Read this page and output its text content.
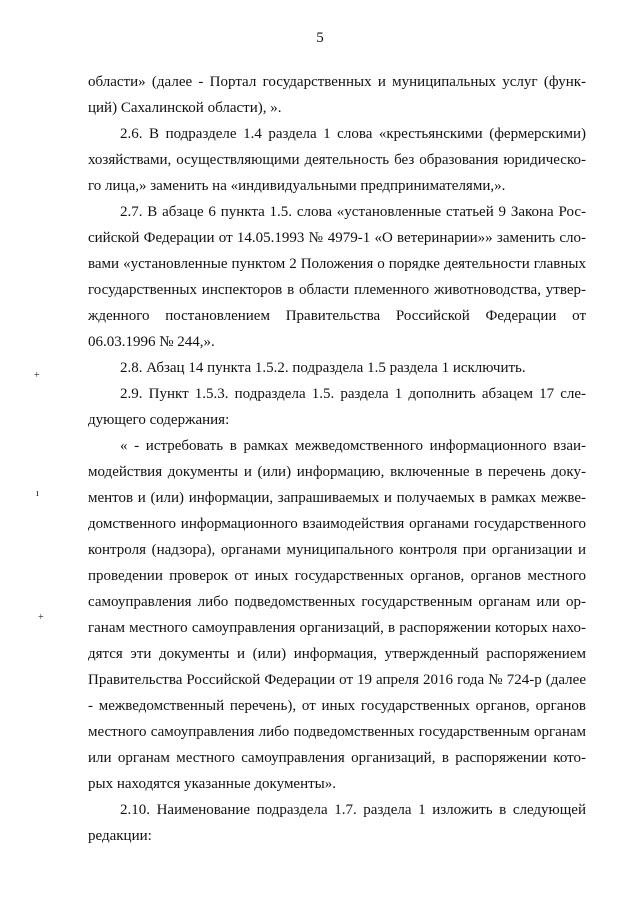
5
области» (далее - Портал государственных и муниципальных услуг (функ-
ций) Сахалинской области), ».
2.6. В подразделе 1.4 раздела 1 слова «крестьянскими (фермерскими)
хозяйствами, осуществляющими деятельность без образования юридическо-
го лица,» заменить на «индивидуальными предпринимателями,».
2.7. В абзаце 6 пункта 1.5. слова «установленные статьей 9 Закона Рос-
сийской Федерации от 14.05.1993 № 4979-1 «О ветеринарии»» заменить сло-
вами «установленные пунктом 2 Положения о порядке деятельности главных
государственных инспекторов в области племенного животноводства, утвер-
жденного постановлением Правительства Российской Федерации от
06.03.1996 № 244,».
2.8. Абзац 14 пункта 1.5.2. подраздела 1.5 раздела 1 исключить.
2.9. Пункт 1.5.3. подраздела 1.5. раздела 1 дополнить абзацем 17 сле-
дующего содержания:
« - истребовать в рамках межведомственного информационного взаи-
модействия документы и (или) информацию, включенные в перечень доку-
ментов и (или) информации, запрашиваемых и получаемых в рамках межве-
домственного информационного взаимодействия органами государственного
контроля (надзора), органами муниципального контроля при организации и
проведении проверок от иных государственных органов, органов местного
самоуправления либо подведомственных государственным органам или ор-
ганам местного самоуправления организаций, в распоряжении которых нахо-
дятся эти документы и (или) информация, утвержденный распоряжением
Правительства Российской Федерации от 19 апреля 2016 года № 724-р (далее
- межведомственный перечень), от иных государственных органов, органов
местного самоуправления либо подведомственных государственным органам
или органам местного самоуправления организаций, в распоряжении кото-
рых находятся указанные документы».
2.10. Наименование подраздела 1.7. раздела 1 изложить в следующей
редакции:
+
ı
+
